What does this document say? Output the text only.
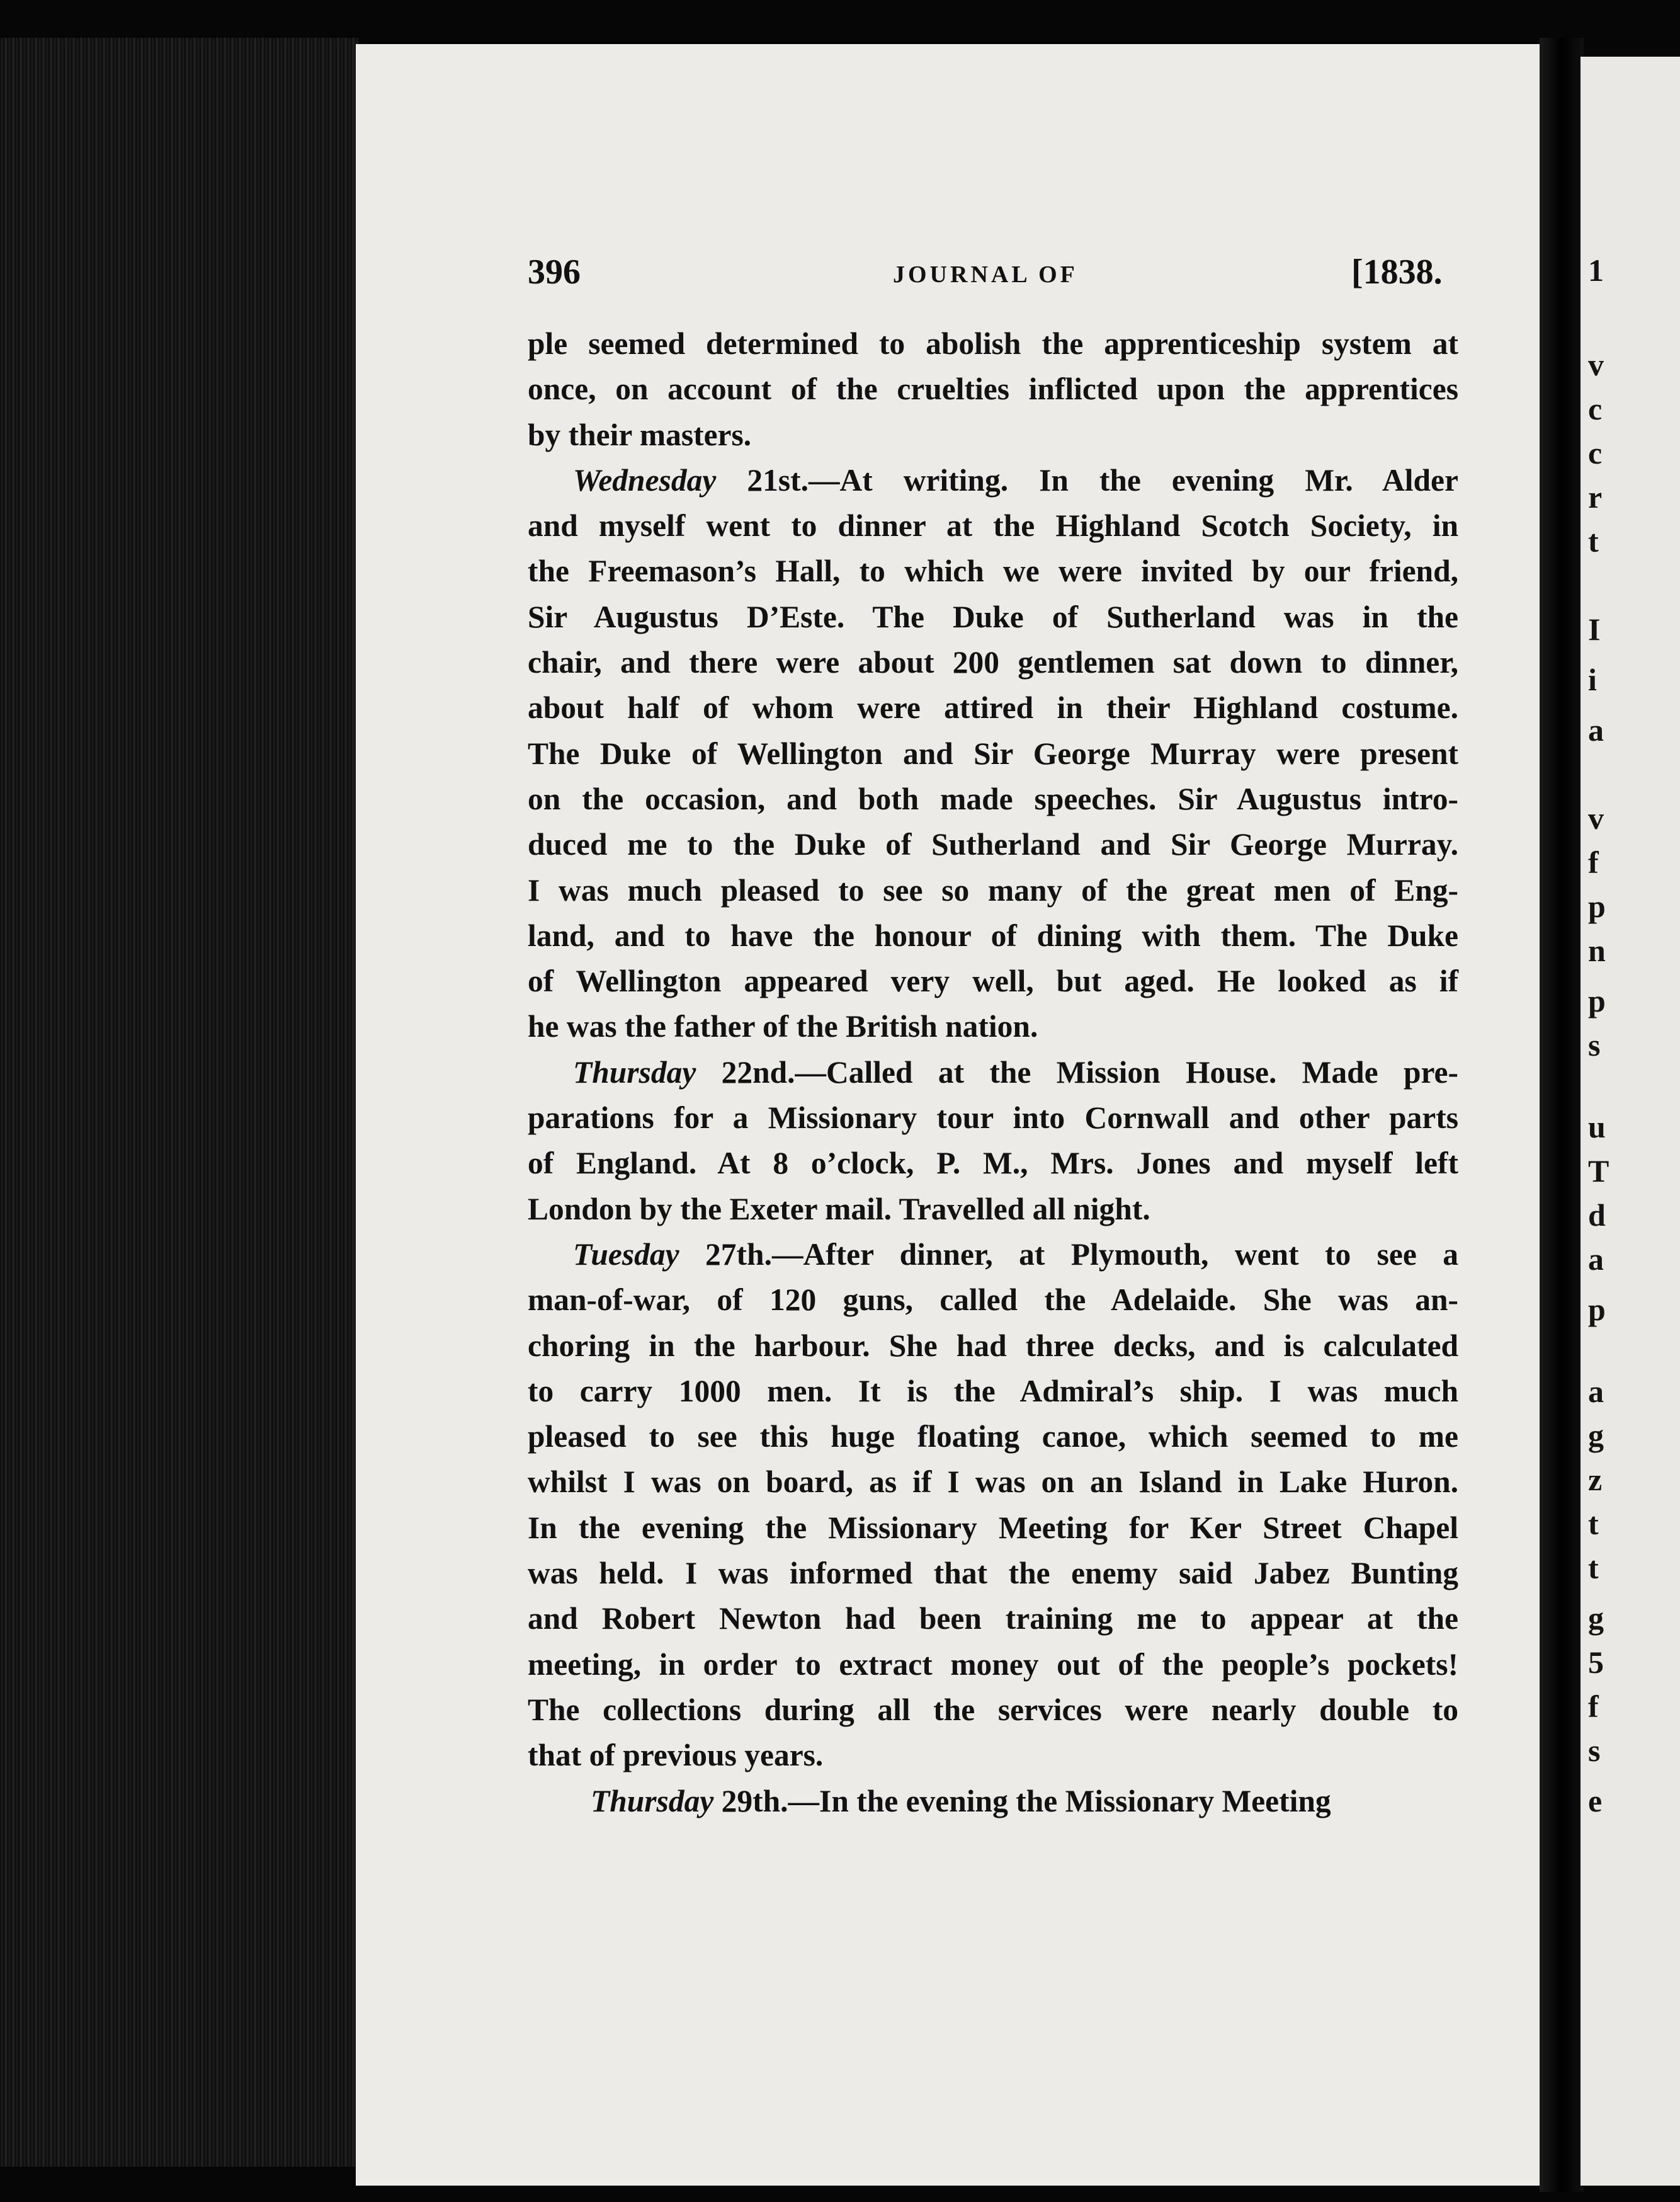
1
v
c
c
r
t
I
i
a
v
f
p
n
p
s
u
T
d
a
p
a
g
z
t
t
g
5
f
s
e
396	JOURNAL OF	[1838.

ple seemed determined to abolish the apprenticeship system at
once, on account of the cruelties inflicted upon the apprentices

by their masters.

Wednesday 21st.—At writing. In the evening Mr. Alder
and myself went to dinner at the Highland Scotch Society, in
the Freemason’s Hall, to which we were invited by our friend,
Sir Augustus D’Este. The Duke of Sutherland was in the
chair, and there were about 200 gentlemen sat down to dinner,
about half of whom were attired in their Highland costume.
The Duke of Wellington and Sir George Murray were present
on the occasion, and both made speeches. Sir Augustus intro-
duced me to the Duke of Sutherland and Sir George Murray.
I was much pleased to see so many of the great men of Eng-
land, and to have the honour of dining with them. The Duke
of Wellington appeared very well, but aged. He looked as if

he was the father of the British nation.

Thursday 22nd.—Called at the Mission House. Made pre-
parations for a Missionary tour into Cornwall and other parts
of England. At 8 o’clock, P. M., Mrs. Jones and myself left

London by the Exeter mail. Travelled all night.

Tuesday 27th.—After dinner, at Plymouth, went to see a
man-of-war, of 120 guns, called the Adelaide. She was an-
choring in the harbour. She had three decks, and is calculated
to carry 1000 men. It is the Admiral’s ship. I was much
pleased to see this huge floating canoe, which seemed to me
whilst I was on board, as if I was on an Island in Lake Huron.
In the evening the Missionary Meeting for Ker Street Chapel
was held. I was informed that the enemy said Jabez Bunting
and Robert Newton had been training me to appear at the
meeting, in order to extract money out of the people’s pockets!
The collections during all the services were nearly double to

that of previous years.

Thursday 29th.—In the evening the Missionary Meeting
